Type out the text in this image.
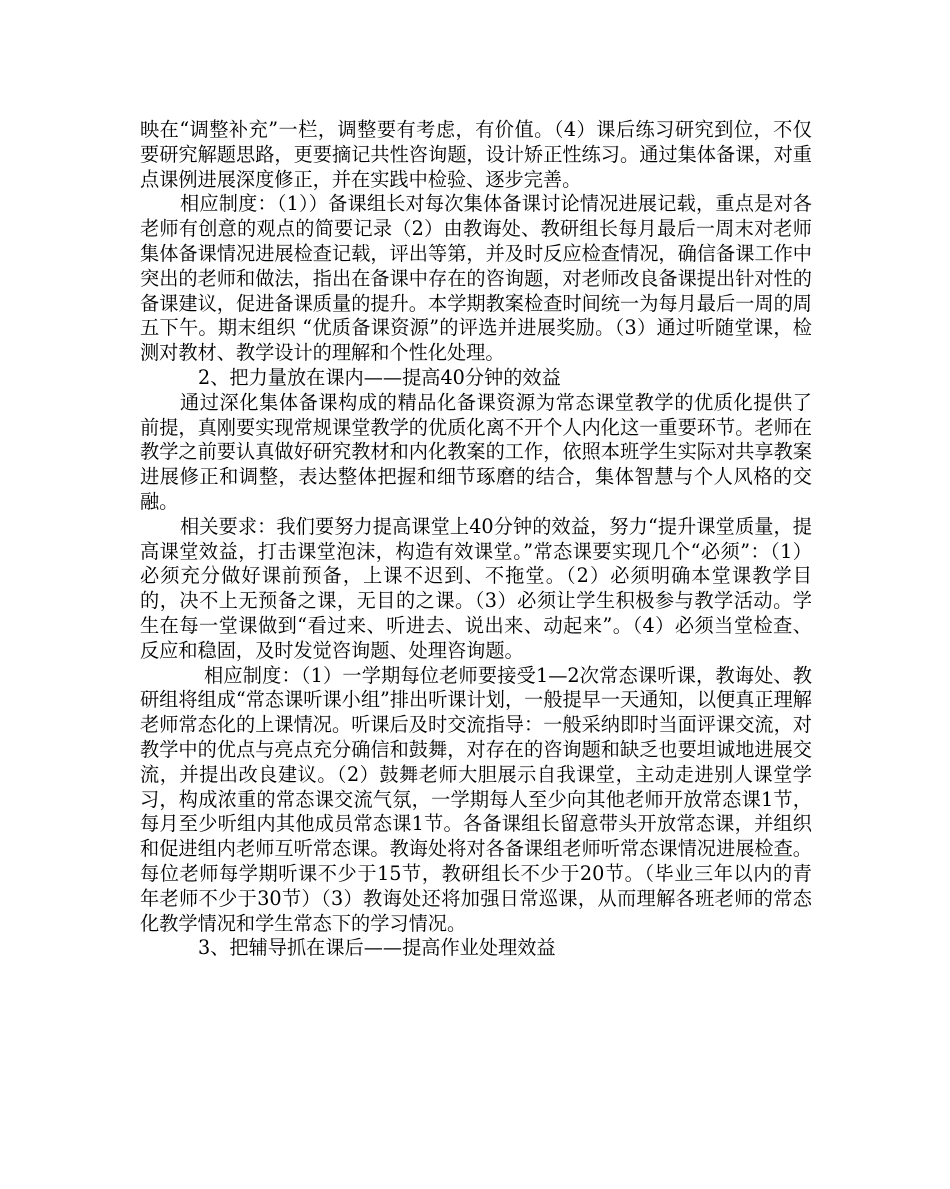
映在“调整补充”一栏，调整要有考虑，有价值。（4）课后练习研究到位，不仅要研究解题思路，更要摘记共性咨询题，设计矫正性练习。通过集体备课，对重点课例进展深度修正，并在实践中检验、逐步完善。

相应制度：（1））备课组长对每次集体备课讨论情况进展记载，重点是对各老师有创意的观点的简要记录（2）由教诲处、教研组长每月最后一周末对老师集体备课情况进展检查记载，评出等第，并及时反应检查情况，确信备课工作中突出的老师和做法，指出在备课中存在的咨询题，对老师改良备课提出针对性的备课建议，促进备课质量的提升。本学期教案检查时间统一为每月最后一周的周五下午。期末组织 “优质备课资源”的评选并进展奖励。（3）通过听随堂课，检测对教材、教学设计的理解和个性化处理。

2、把力量放在课内——提高40分钟的效益

通过深化集体备课构成的精品化备课资源为常态课堂教学的优质化提供了前提，真刚要实现常规课堂教学的优质化离不开个人内化这一重要环节。老师在教学之前要认真做好研究教材和内化教案的工作，依照本班学生实际对共享教案进展修正和调整，表达整体把握和细节琢磨的结合，集体智慧与个人风格的交融。

相关要求：我们要努力提高课堂上40分钟的效益，努力“提升课堂质量，提高课堂效益，打击课堂泡沫，构造有效课堂。”常态课要实现几个“必须”：（1）必须充分做好课前预备，上课不迟到、不拖堂。（2）必须明确本堂课教学目的，决不上无预备之课，无目的之课。（3）必须让学生积极参与教学活动。学生在每一堂课做到“看过来、听进去、说出来、动起来”。（4）必须当堂检查、反应和稳固，及时发觉咨询题、处理咨询题。

相应制度：（1）一学期每位老师要接受1—2次常态课听课，教诲处、教研组将组成“常态课听课小组”排出听课计划，一般提早一天通知，以便真正理解老师常态化的上课情况。听课后及时交流指导：一般采纳即时当面评课交流，对教学中的优点与亮点充分确信和鼓舞，对存在的咨询题和缺乏也要坦诚地进展交流，并提出改良建议。（2）鼓舞老师大胆展示自我课堂，主动走进别人课堂学习，构成浓重的常态课交流气氛，一学期每人至少向其他老师开放常态课1节，每月至少听组内其他成员常态课1节。各备课组长留意带头开放常态课，并组织和促进组内老师互听常态课。教诲处将对各备课组老师听常态课情况进展检查。每位老师每学期听课不少于15节，教研组长不少于20节。（毕业三年以内的青年老师不少于30节）（3）教诲处还将加强日常巡课，从而理解各班老师的常态化教学情况和学生常态下的学习情况。

3、把辅导抓在课后——提高作业处理效益
